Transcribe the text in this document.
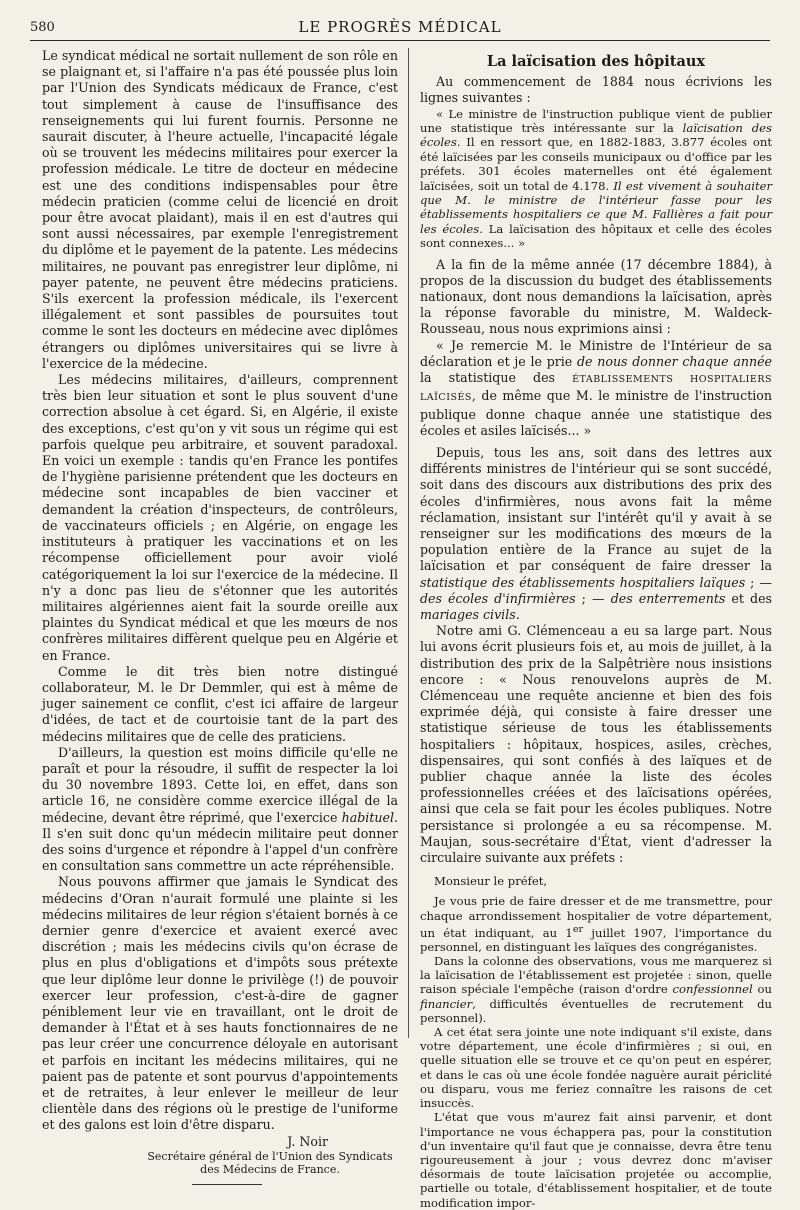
580	LE PROGRÈS MÉDICAL

Le syndicat médical ne sortait nullement de son rôle en se plaignant et, si l'affaire n'a pas été poussée plus loin par l'Union des Syndicats médicaux de France, c'est tout simplement à cause de l'insuffisance des renseignements qui lui furent fournis. Personne ne saurait discuter, à l'heure actuelle, l'incapacité légale où se trouvent les médecins militaires pour exercer la profession médicale. Le titre de docteur en médecine est une des conditions indispensables pour être médecin praticien (comme celui de licencié en droit pour être avocat plaidant), mais il en est d'autres qui sont aussi nécessaires, par exemple l'enregistrement du diplôme et le payement de la patente. Les médecins militaires, ne pouvant pas enregistrer leur diplôme, ni payer patente, ne peuvent être médecins praticiens. S'ils exercent la profession médicale, ils l'exercent illégalement et sont passibles de poursuites tout comme le sont les docteurs en médecine avec diplômes étrangers ou diplômes universitaires qui se livre à l'exercice de la médecine.

Les médecins militaires, d'ailleurs, comprennent très bien leur situation et sont le plus souvent d'une correction absolue à cet égard. Si, en Algérie, il existe des exceptions, c'est qu'on y vit sous un régime qui est parfois quelque peu arbitraire, et souvent paradoxal. En voici un exemple : tandis qu'en France les pontifes de l'hygiène parisienne prétendent que les docteurs en médecine sont incapables de bien vacciner et demandent la création d'inspecteurs, de contrôleurs, de vaccinateurs officiels ; en Algérie, on engage les instituteurs à pratiquer les vaccinations et on les récompense officiellement pour avoir violé catégoriquement la loi sur l'exercice de la médecine. Il n'y a donc pas lieu de s'étonner que les autorités militaires algériennes aient fait la sourde oreille aux plaintes du Syndicat médical et que les mœurs de nos confrères militaires diffèrent quelque peu en Algérie et en France.

Comme le dit très bien notre distingué collaborateur, M. le Dr Demmler, qui est à même de juger sainement ce conflit, c'est ici affaire de largeur d'idées, de tact et de courtoisie tant de la part des médecins militaires que de celle des praticiens.

D'ailleurs, la question est moins difficile qu'elle ne paraît et pour la résoudre, il suffit de respecter la loi du 30 novembre 1893. Cette loi, en effet, dans son article 16, ne considère comme exercice illégal de la médecine, devant être réprimé, que l'exercice habituel. Il s'en suit donc qu'un médecin militaire peut donner des soins d'urgence et répondre à l'appel d'un confrère en consultation sans commettre un acte répréhensible.

Nous pouvons affirmer que jamais le Syndicat des médecins d'Oran n'aurait formulé une plainte si les médecins militaires de leur région s'étaient bornés à ce dernier genre d'exercice et avaient exercé avec discrétion ; mais les médecins civils qu'on écrase de plus en plus d'obligations et d'impôts sous prétexte que leur diplôme leur donne le privilège (!) de pouvoir exercer leur profession, c'est-à-dire de gagner péniblement leur vie en travaillant, ont le droit de demander à l'État et à ses hauts fonctionnaires de ne pas leur créer une concurrence déloyale en autorisant et parfois en incitant les médecins militaires, qui ne paient pas de patente et sont pourvus d'appointements et de retraites, à leur enlever le meilleur de leur clientèle dans des régions où le prestige de l'uniforme et des galons est loin d'être disparu.

J. Noir
Secrétaire général de l'Union des Syndicats des Médecins de France.
La laïcisation des hôpitaux

Au commencement de 1884 nous écrivions les lignes suivantes :

« Le ministre de l'instruction publique vient de publier une statistique très intéressante sur la laïcisation des écoles. Il en ressort que, en 1882-1883, 3.877 écoles ont été laïcisées par les conseils municipaux ou d'office par les préfets. 301 écoles maternelles ont été également laïcisées, soit un total de 4.178. Il est vivement à souhaiter que M. le ministre de l'intérieur fasse pour les établissements hospitaliers ce que M. Fallières a fait pour les écoles. La laïcisation des hôpitaux et celle des écoles sont connexes... »

A la fin de la même année (17 décembre 1884), à propos de la discussion du budget des établissements nationaux, dont nous demandions la laïcisation, après la réponse favorable du ministre, M. Waldeck-Rousseau, nous nous exprimions ainsi :

« Je remercie M. le Ministre de l'Intérieur de sa déclaration et je le prie de nous donner chaque année la statistique des ÉTABLISSEMENTS HOSPITALIERS LAÏCISÉS, de même que M. le ministre de l'instruction publique donne chaque année une statistique des écoles et asiles laïcisés... »

Depuis, tous les ans, soit dans des lettres aux différents ministres de l'intérieur qui se sont succédé, soit dans des discours aux distributions des prix des écoles d'infirmières, nous avons fait la même réclamation, insistant sur l'intérêt qu'il y avait à se renseigner sur les modifications des mœurs de la population entière de la France au sujet de la laïcisation et par conséquent de faire dresser la statistique des établissements hospitaliers laïques ; — des écoles d'infirmières ; — des enterrements et des mariages civils.

Notre ami G. Clémenceau a eu sa large part. Nous lui avons écrit plusieurs fois et, au mois de juillet, à la distribution des prix de la Salpêtrière nous insistions encore : « Nous renouvelons auprès de M. Clémenceau une requête ancienne et bien des fois exprimée déjà, qui consiste à faire dresser une statistique sérieuse de tous les établissements hospitaliers : hôpitaux, hospices, asiles, crèches, dispensaires, qui sont confiés à des laïques et de publier chaque année la liste des écoles professionnelles créées et des laïcisations opérées, ainsi que cela se fait pour les écoles publiques. Notre persistance si prolongée a eu sa récompense. M. Maujan, sous-secrétaire d'État, vient d'adresser la circulaire suivante aux préfets :

Monsieur le préfet,

Je vous prie de faire dresser et de me transmettre, pour chaque arrondissement hospitalier de votre département, un état indiquant, au 1er juillet 1907, l'importance du personnel, en distinguant les laïques des congréganistes.

Dans la colonne des observations, vous me marquerez si la laïcisation de l'établissement est projetée : sinon, quelle raison spéciale l'empêche (raison d'ordre confessionnel ou financier, difficultés éventuelles de recrutement du personnel).

A cet état sera jointe une note indiquant s'il existe, dans votre département, une école d'infirmières ; si oui, en quelle situation elle se trouve et ce qu'on peut en espérer, et dans le cas où une école fondée naguère aurait périclité ou disparu, vous me feriez connaître les raisons de cet insuccès.

L'état que vous m'aurez fait ainsi parvenir, et dont l'importance ne vous échappera pas, pour la constitution d'un inventaire qu'il faut que je connaisse, devra être tenu rigoureusement à jour ; vous devrez donc m'aviser désormais de toute laïcisation projetée ou accomplie, partielle ou totale, d'établissement hospitalier, et de toute modification impor-
